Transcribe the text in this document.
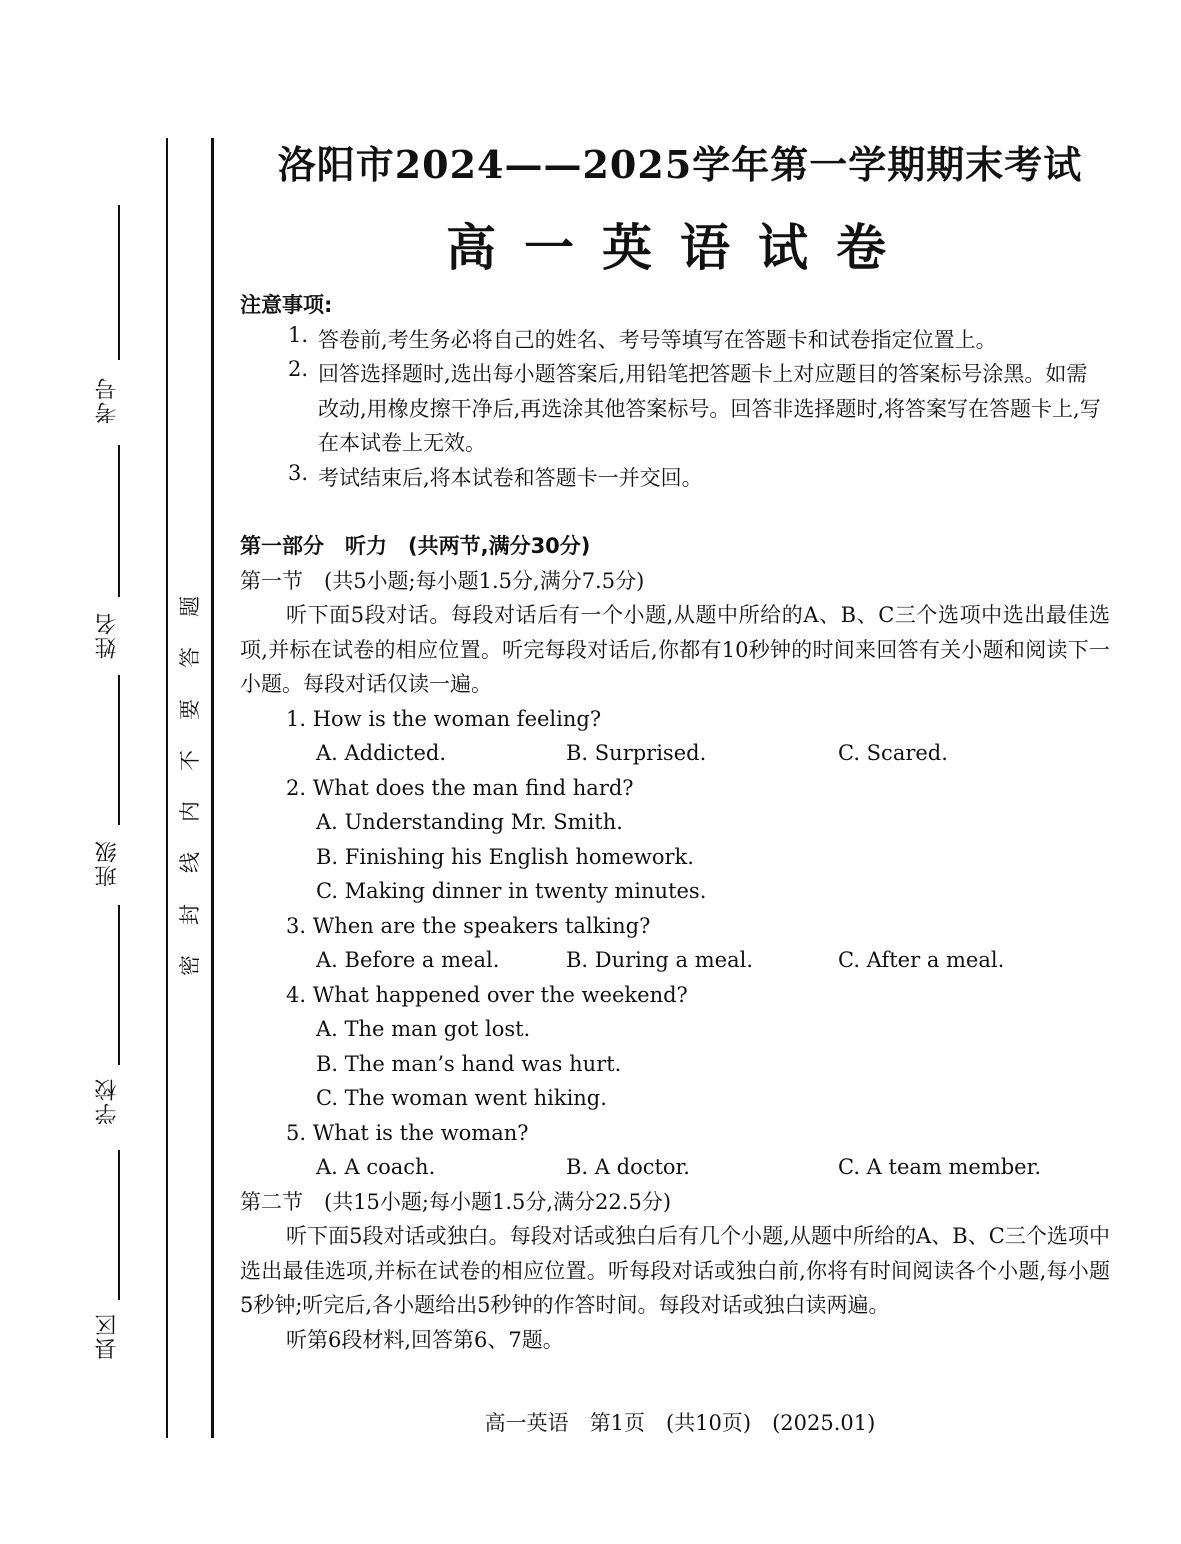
考号
姓名
班级
学校
县区
题
答
要
不
内
线
封
密
洛阳市2024——2025学年第一学期期末考试
高一英语试卷
注意事项:
1. 答卷前,考生务必将自己的姓名、考号等填写在答题卡和试卷指定位置上。
2. 回答选择题时,选出每小题答案后,用铅笔把答题卡上对应题目的答案标号涂黑。如需改动,用橡皮擦干净后,再选涂其他答案标号。回答非选择题时,将答案写在答题卡上,写在本试卷上无效。
3. 考试结束后,将本试卷和答题卡一并交回。
第一部分　听力　(共两节,满分30分)
第一节　(共5小题;每小题1.5分,满分7.5分)
听下面5段对话。每段对话后有一个小题,从题中所给的A、B、C三个选项中选出最佳选项,并标在试卷的相应位置。听完每段对话后,你都有10秒钟的时间来回答有关小题和阅读下一小题。每段对话仅读一遍。
1. How is the woman feeling?
A. Addicted.	B. Surprised.	C. Scared.
2. What does the man find hard?
A. Understanding Mr. Smith.
B. Finishing his English homework.
C. Making dinner in twenty minutes.
3. When are the speakers talking?
A. Before a meal.	B. During a meal.	C. After a meal.
4. What happened over the weekend?
A. The man got lost.
B. The man’s hand was hurt.
C. The woman went hiking.
5. What is the woman?
A. A coach.	B. A doctor.	C. A team member.
第二节　(共15小题;每小题1.5分,满分22.5分)
听下面5段对话或独白。每段对话或独白后有几个小题,从题中所给的A、B、C三个选项中选出最佳选项,并标在试卷的相应位置。听每段对话或独白前,你将有时间阅读各个小题,每小题5秒钟;听完后,各小题给出5秒钟的作答时间。每段对话或独白读两遍。
听第6段材料,回答第6、7题。
高一英语　第1页　(共10页)　(2025.01)
